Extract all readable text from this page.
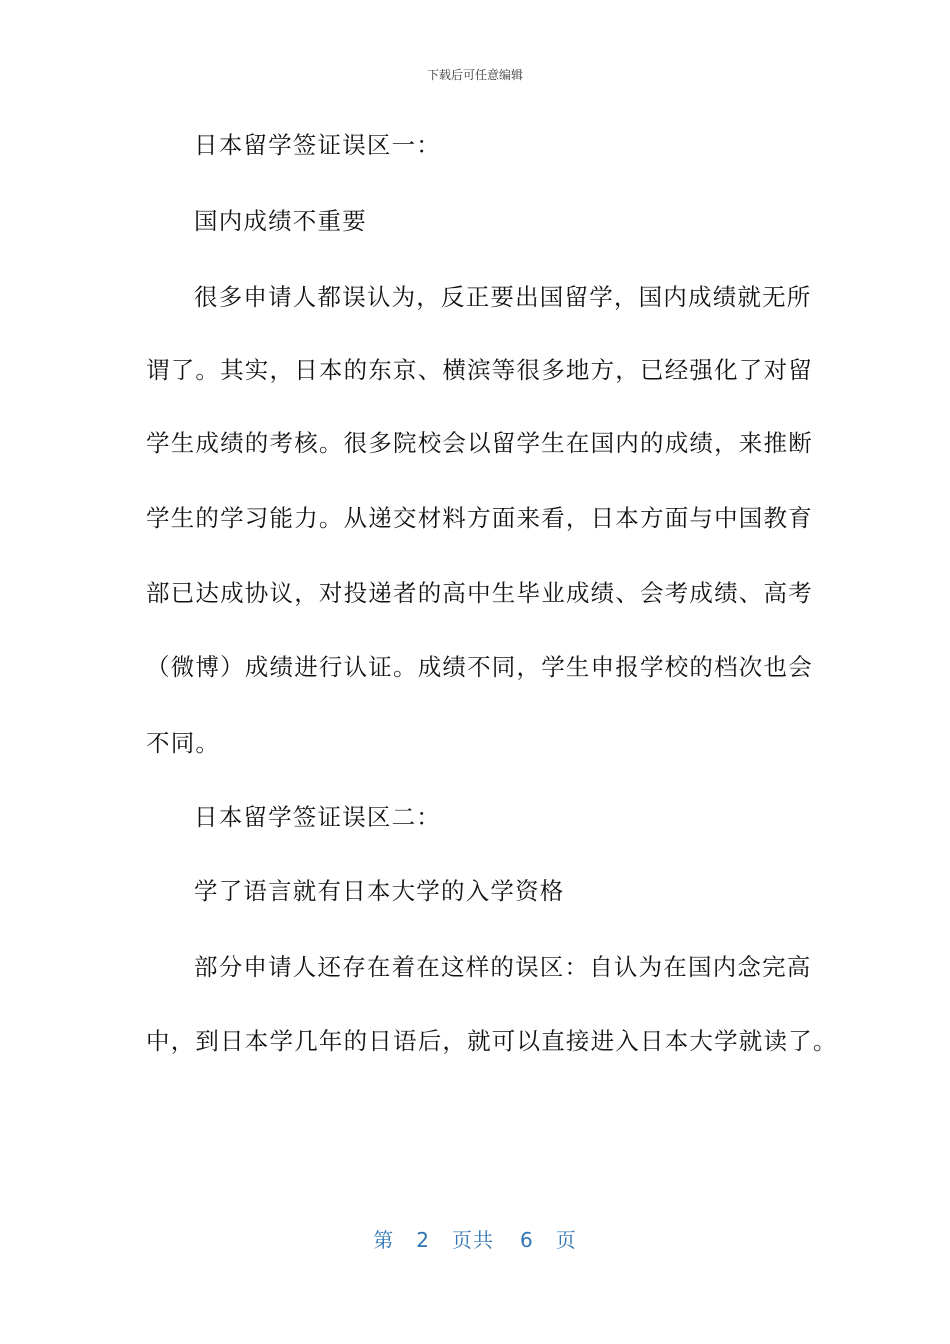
下载后可任意编辑
日本留学签证误区一：
国内成绩不重要
很多申请人都误认为，反正要出国留学，国内成绩就无所
谓了。其实，日本的东京、横滨等很多地方，已经强化了对留
学生成绩的考核。很多院校会以留学生在国内的成绩，来推断
学生的学习能力。从递交材料方面来看，日本方面与中国教育
部已达成协议，对投递者的高中生毕业成绩、会考成绩、高考
（微博）成绩进行认证。成绩不同，学生申报学校的档次也会
不同。
日本留学签证误区二：
学了语言就有日本大学的入学资格
部分申请人还存在着在这样的误区：自认为在国内念完高
中，到日本学几年的日语后，就可以直接进入日本大学就读了。
第 2 页共 6 页
